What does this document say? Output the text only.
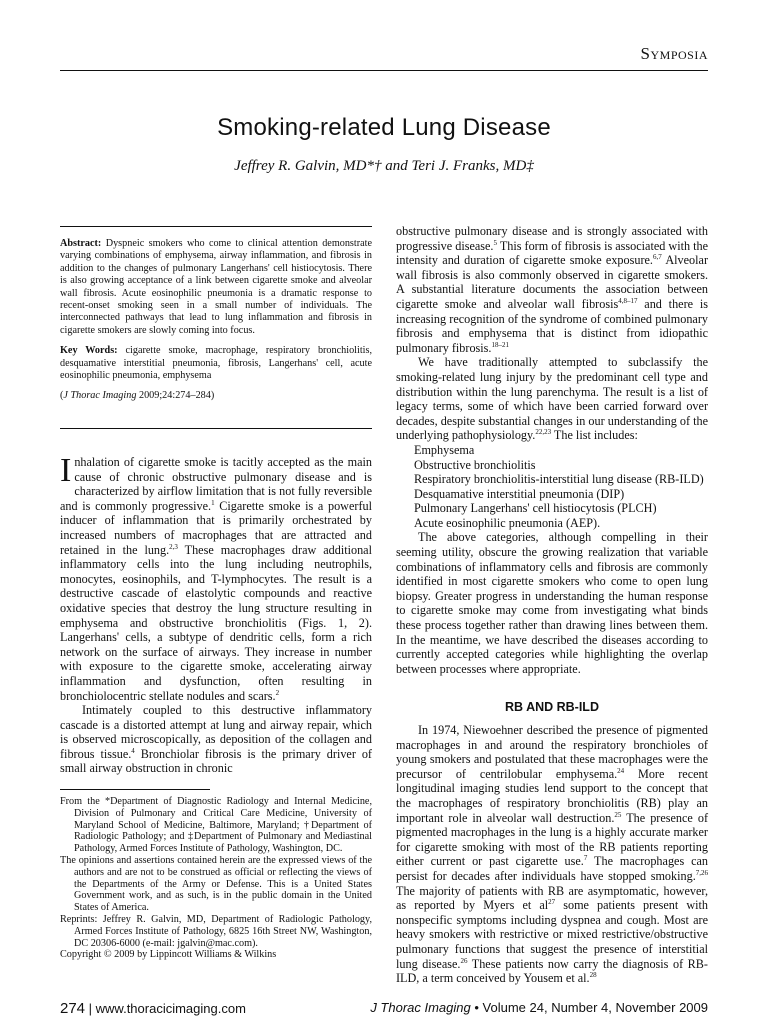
Symposia
Smoking-related Lung Disease
Jeffrey R. Galvin, MD*† and Teri J. Franks, MD‡

Abstract: Dyspneic smokers who come to clinical attention demonstrate varying combinations of emphysema, airway inflammation, and fibrosis in addition to the changes of pulmonary Langerhans' cell histiocytosis. There is also growing acceptance of a link between cigarette smoke and alveolar wall fibrosis. Acute eosinophilic pneumonia is a dramatic response to recent-onset smoking seen in a small number of individuals. The interconnected pathways that lead to lung inflammation and fibrosis in cigarette smokers are slowly coming into focus.

Key Words: cigarette smoke, macrophage, respiratory bronchiolitis, desquamative interstitial pneumonia, fibrosis, Langerhans' cell, acute eosinophilic pneumonia, emphysema

(J Thorac Imaging 2009;24:274–284)

Inhalation of cigarette smoke is tacitly accepted as the main cause of chronic obstructive pulmonary disease and is characterized by airflow limitation that is not fully reversible and is commonly progressive.$^1$ Cigarette smoke is a powerful inducer of inflammation that is primarily orchestrated by increased numbers of macrophages that are attracted and retained in the lung.$^{2,3}$ These macrophages draw additional inflammatory cells into the lung including neutrophils, monocytes, eosinophils, and T-lymphocytes. The result is a destructive cascade of elastolytic compounds and reactive oxidative species that destroy the lung structure resulting in emphysema and obstructive bronchiolitis (Figs. 1, 2). Langerhans' cells, a subtype of dendritic cells, form a rich network on the surface of airways. They increase in number with exposure to the cigarette smoke, accelerating airway inflammation and dysfunction, often resulting in bronchiolocentric stellate nodules and scars.$^2$

Intimately coupled to this destructive inflammatory cascade is a distorted attempt at lung and airway repair, which is observed microscopically, as deposition of the collagen and fibrous tissue.$^4$ Bronchiolar fibrosis is the primary driver of small airway obstruction in chronic

From the *Department of Diagnostic Radiology and Internal Medicine, Division of Pulmonary and Critical Care Medicine, University of Maryland School of Medicine, Baltimore, Maryland; †Department of Radiologic Pathology; and ‡Department of Pulmonary and Mediastinal Pathology, Armed Forces Institute of Pathology, Washington, DC.

The opinions and assertions contained herein are the expressed views of the authors and are not to be construed as official or reflecting the views of the Departments of the Army or Defense. This is a United States Government work, and as such, is in the public domain in the United States of America.

Reprints: Jeffrey R. Galvin, MD, Department of Radiologic Pathology, Armed Forces Institute of Pathology, 6825 16th Street NW, Washington, DC 20306-6000 (e-mail: jgalvin@mac.com).

Copyright © 2009 by Lippincott Williams & Wilkins

obstructive pulmonary disease and is strongly associated with progressive disease.$^5$ This form of fibrosis is associated with the intensity and duration of cigarette smoke exposure.$^{6,7}$ Alveolar wall fibrosis is also commonly observed in cigarette smokers. A substantial literature documents the association between cigarette smoke and alveolar wall fibrosis$^{4,8-17}$ and there is increasing recognition of the syndrome of combined pulmonary fibrosis and emphysema that is distinct from idiopathic pulmonary fibrosis.$^{18-21}$

We have traditionally attempted to subclassify the smoking-related lung injury by the predominant cell type and distribution within the lung parenchyma. The result is a list of legacy terms, some of which have been carried forward over decades, despite substantial changes in our understanding of the underlying pathophysiology.$^{22,23}$ The list includes:

Emphysema
Obstructive bronchiolitis
Respiratory bronchiolitis-interstitial lung disease (RB-ILD)
Desquamative interstitial pneumonia (DIP)
Pulmonary Langerhans' cell histiocytosis (PLCH)
Acute eosinophilic pneumonia (AEP).

The above categories, although compelling in their seeming utility, obscure the growing realization that variable combinations of inflammatory cells and fibrosis are commonly identified in most cigarette smokers who come to open lung biopsy. Greater progress in understanding the human response to cigarette smoke may come from investigating what binds these process together rather than drawing lines between them. In the meantime, we have described the diseases according to currently accepted categories while highlighting the overlap between processes where appropriate.

RB AND RB-ILD

In 1974, Niewoehner described the presence of pigmented macrophages in and around the respiratory bronchioles of young smokers and postulated that these macrophages were the precursor of centrilobular emphysema.$^{24}$ More recent longitudinal imaging studies lend support to the concept that the macrophages of respiratory bronchiolitis (RB) play an important role in alveolar wall destruction.$^{25}$ The presence of pigmented macrophages in the lung is a highly accurate marker for cigarette smoking with most of the RB patients reporting either current or past cigarette use.$^7$ The macrophages can persist for decades after individuals have stopped smoking.$^{7,26}$ The majority of patients with RB are asymptomatic, however, as reported by Myers et $al^{27}$ some patients present with nonspecific symptoms including dyspnea and cough. Most are heavy smokers with restrictive or mixed restrictive/obstructive pulmonary functions that suggest the presence of interstitial lung disease.$^{26}$ These patients now carry the diagnosis of RB-ILD, a term conceived by Yousem et al.$^{28}$

274 | www.thoracicimaging.com	J Thorac Imaging • Volume 24, Number 4, November 2009
